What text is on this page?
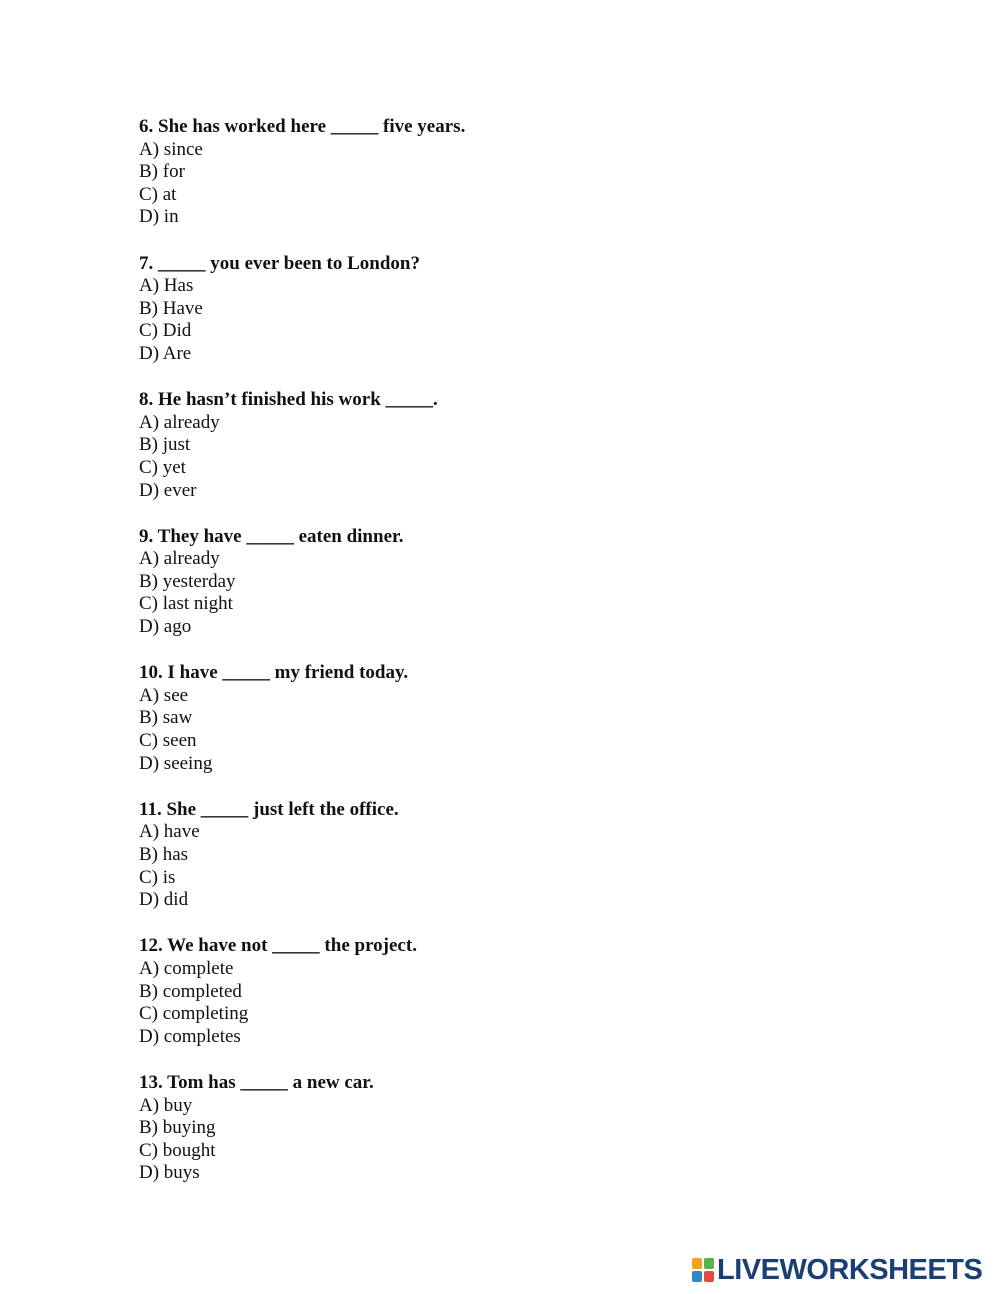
6. She has worked here _____ five years.
A) since
B) for
C) at
D) in
7. _____ you ever been to London?
A) Has
B) Have
C) Did
D) Are
8. He hasn’t finished his work _____.
A) already
B) just
C) yet
D) ever
9. They have _____ eaten dinner.
A) already
B) yesterday
C) last night
D) ago
10. I have _____ my friend today.
A) see
B) saw
C) seen
D) seeing
11. She _____ just left the office.
A) have
B) has
C) is
D) did
12. We have not _____ the project.
A) complete
B) completed
C) completing
D) completes
13. Tom has _____ a new car.
A) buy
B) buying
C) bought
D) buys
LIVEWORKSHEETS
